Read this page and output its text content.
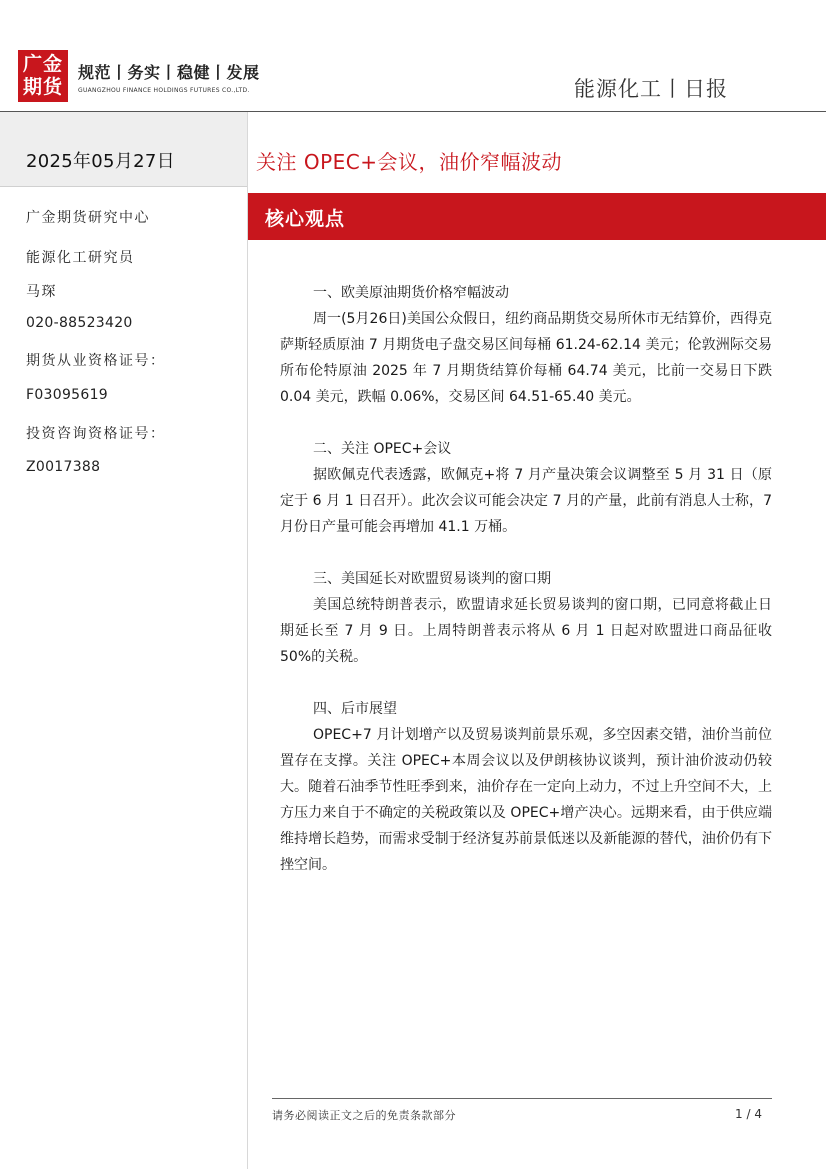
广金
期货
规范丨务实丨稳健丨发展
GUANGZHOU FINANCE HOLDINGS FUTURES CO.,LTD.	能源化工丨日报
2025年05月27日
广金期货研究中心
能源化工研究员
马琛
020-88523420
期货从业资格证号：
F03095619
投资咨询资格证号：
Z0017388
关注 OPEC+会议，油价窄幅波动
核心观点

一、欧美原油期货价格窄幅波动

周一(5月26日)美国公众假日，纽约商品期货交易所休市无结算价，西得克萨斯轻质原油 7 月期货电子盘交易区间每桶 61.24-62.14 美元；伦敦洲际交易所布伦特原油 2025 年 7 月期货结算价每桶 64.74 美元，比前一交易日下跌 0.04 美元，跌幅 0.06%，交易区间 64.51-65.40 美元。

二、关注 OPEC+会议

据欧佩克代表透露，欧佩克+将 7 月产量决策会议调整至 5 月 31 日（原定于 6 月 1 日召开）。此次会议可能会决定 7 月的产量，此前有消息人士称，7 月份日产量可能会再增加 41.1 万桶。

三、美国延长对欧盟贸易谈判的窗口期

美国总统特朗普表示，欧盟请求延长贸易谈判的窗口期，已同意将截止日期延长至 7 月 9 日。上周特朗普表示将从 6 月 1 日起对欧盟进口商品征收 50%的关税。

四、后市展望

OPEC+7 月计划增产以及贸易谈判前景乐观，多空因素交错，油价当前位置存在支撑。关注 OPEC+本周会议以及伊朗核协议谈判，预计油价波动仍较大。随着石油季节性旺季到来，油价存在一定向上动力，不过上升空间不大，上方压力来自于不确定的关税政策以及 OPEC+增产决心。远期来看，由于供应端维持增长趋势，而需求受制于经济复苏前景低迷以及新能源的替代，油价仍有下挫空间。

请务必阅读正文之后的免责条款部分	1 / 4
